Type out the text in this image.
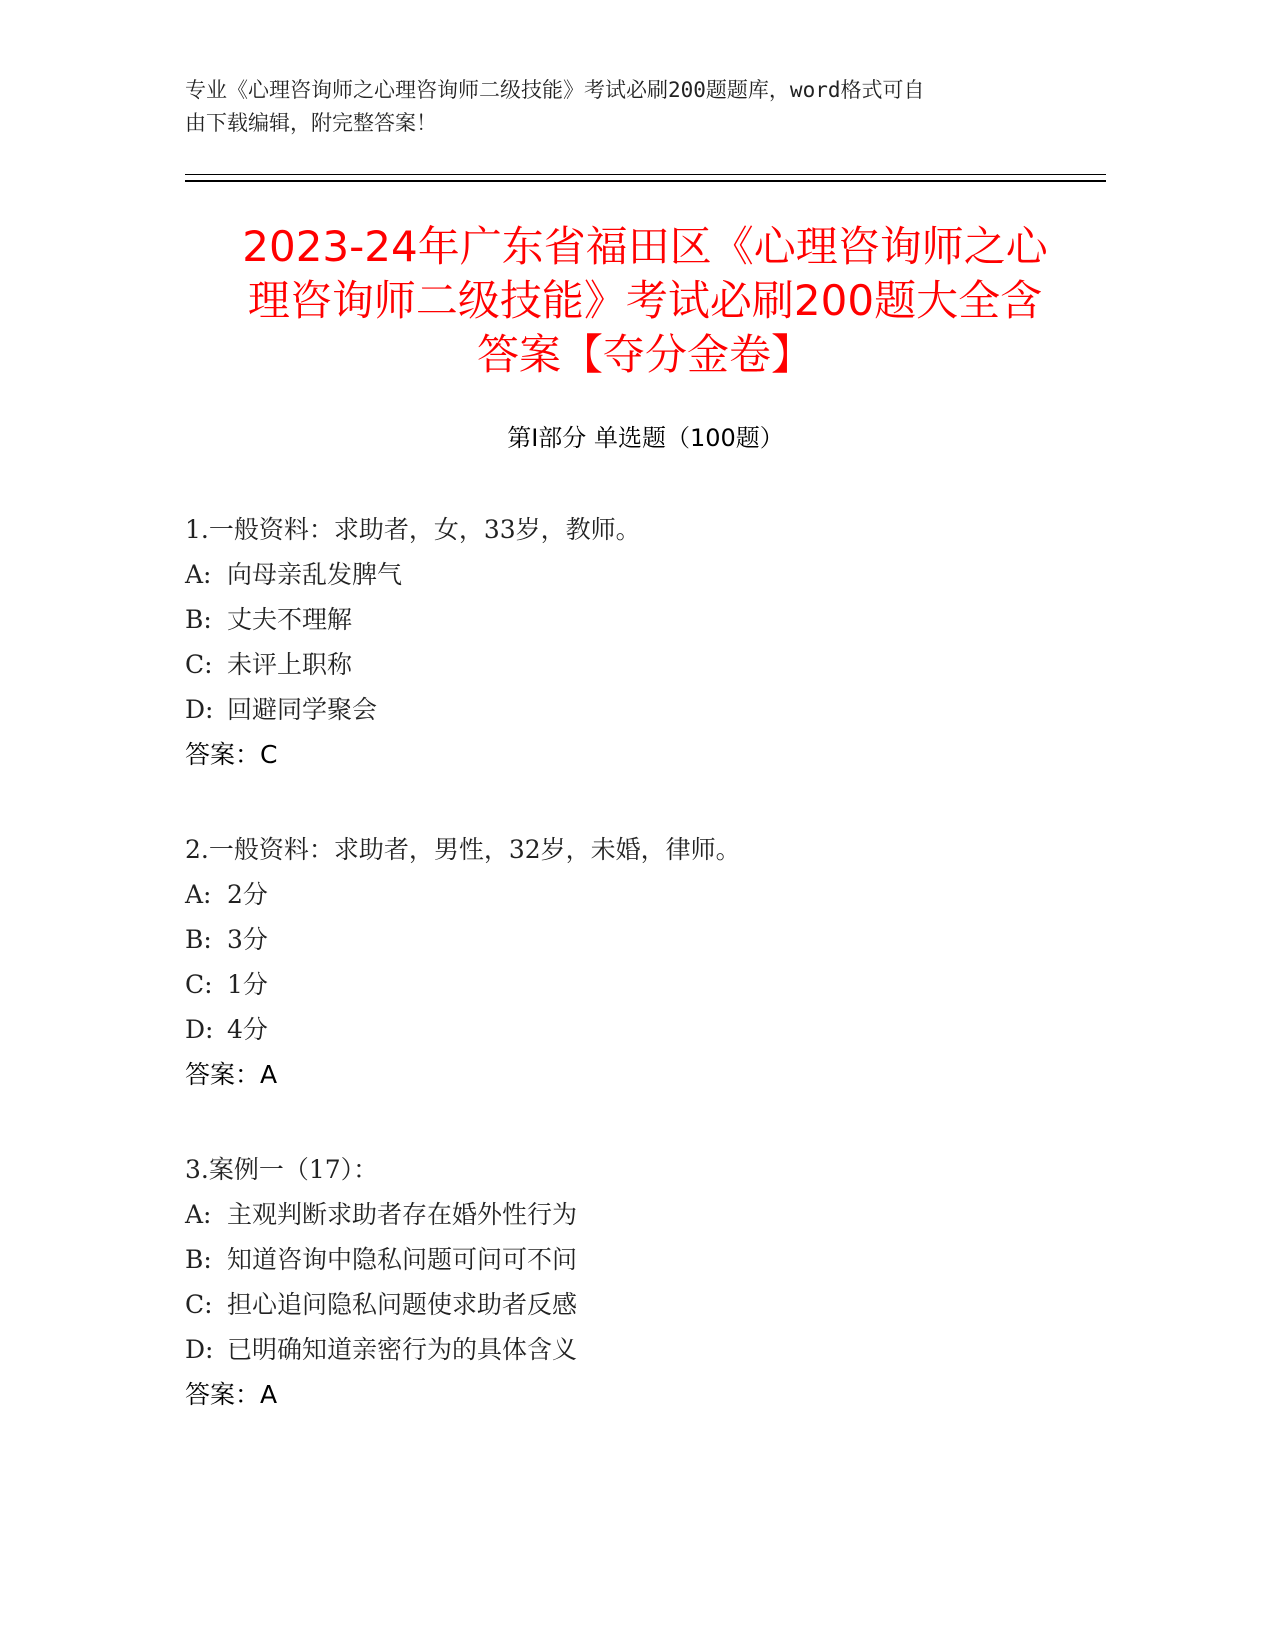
专业《心理咨询师之心理咨询师二级技能》考试必刷200题题库，word格式可自
由下载编辑，附完整答案！
2023-24年广东省福田区《心理咨询师之心
理咨询师二级技能》考试必刷200题大全含
答案【夺分金卷】
第Ⅰ部分 单选题（100题）
1.一般资料：求助者，女，33岁，教师。
A: 向母亲乱发脾气
B: 丈夫不理解
C: 未评上职称
D: 回避同学聚会
答案：C
2.一般资料：求助者，男性，32岁，未婚，律师。
A: 2分
B: 3分
C: 1分
D: 4分
答案：A
3.案例一（17）：
A: 主观判断求助者存在婚外性行为
B: 知道咨询中隐私问题可问可不问
C: 担心追问隐私问题使求助者反感
D: 已明确知道亲密行为的具体含义
答案：A
